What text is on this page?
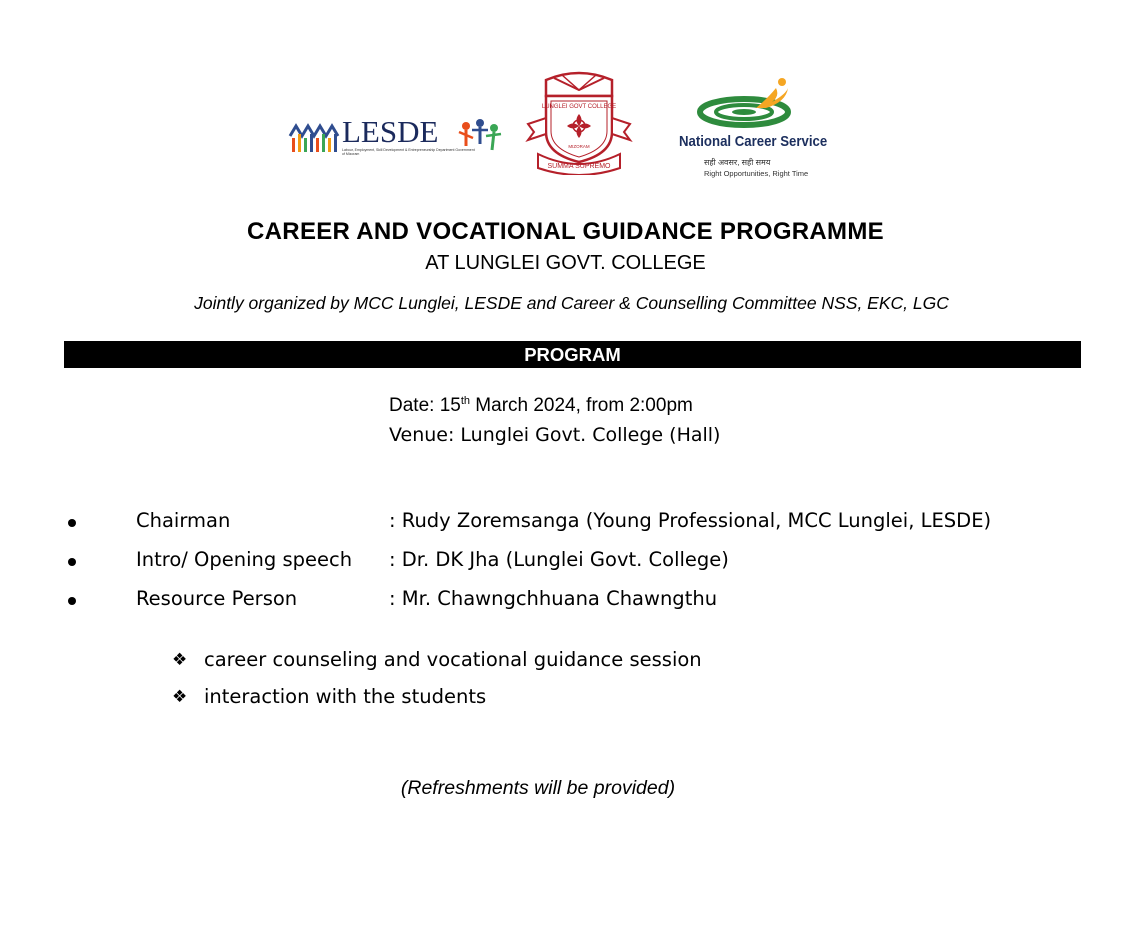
LESDE
Labour, Employment, Skill Development & Entrepreneurship Department Government of Mizoram
LUNGLEI GOVT COLLEGE
MIZORAM
SUMMA SUPREMO
National Career Service
सही अवसर, सही समय
Right Opportunities, Right Time
CAREER AND VOCATIONAL GUIDANCE PROGRAMME
AT LUNGLEI GOVT. COLLEGE
Jointly organized by MCC Lunglei, LESDE and Career & Counselling Committee NSS, EKC, LGC
PROGRAM
Date: 15th March 2024, from 2:00pm
Venue: Lunglei Govt. College (Hall)
Chairman	: Rudy Zoremsanga (Young Professional, MCC Lunglei, LESDE)
Intro/ Opening speech : Dr. DK Jha (Lunglei Govt. College)
Resource Person	: Mr. Chawngchhuana Chawngthu
❖ career counseling and vocational guidance session
❖ interaction with the students
(Refreshments will be provided)
